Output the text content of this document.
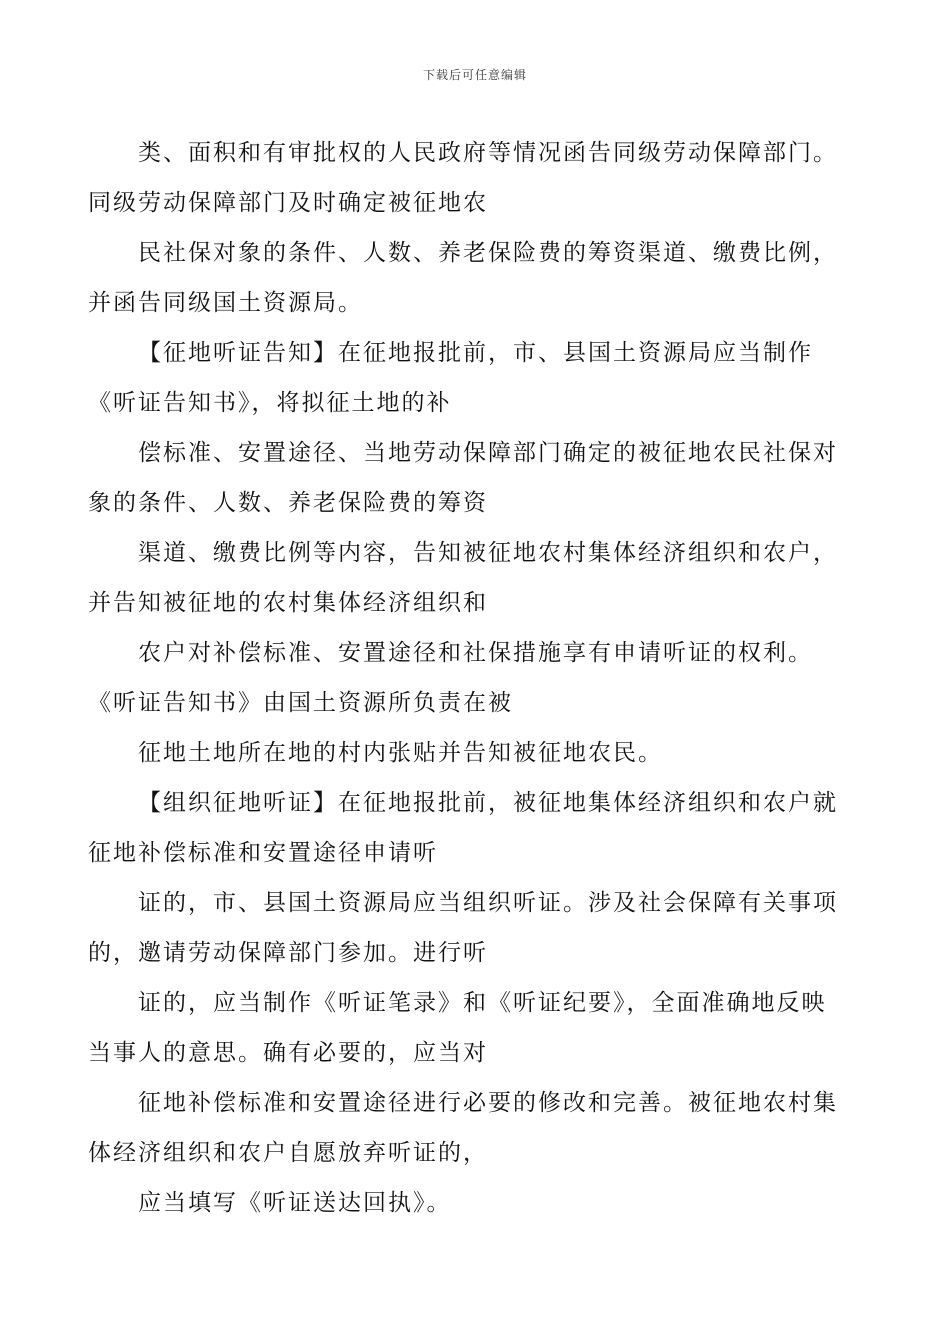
下载后可任意编辑

类、面积和有审批权的人民政府等情况函告同级劳动保障部门。
同级劳动保障部门及时确定被征地农

民社保对象的条件、人数、养老保险费的筹资渠道、缴费比例，
并函告同级国土资源局。

【征地听证告知】在征地报批前，市、县国土资源局应当制作
《听证告知书》，将拟征土地的补

偿标准、安置途径、当地劳动保障部门确定的被征地农民社保对
象的条件、人数、养老保险费的筹资

渠道、缴费比例等内容，告知被征地农村集体经济组织和农户，
并告知被征地的农村集体经济组织和

农户对补偿标准、安置途径和社保措施享有申请听证的权利。
《听证告知书》由国土资源所负责在被

征地土地所在地的村内张贴并告知被征地农民。

【组织征地听证】在征地报批前，被征地集体经济组织和农户就
征地补偿标准和安置途径申请听

证的，市、县国土资源局应当组织听证。涉及社会保障有关事项
的，邀请劳动保障部门参加。进行听

证的，应当制作《听证笔录》和《听证纪要》，全面准确地反映
当事人的意思。确有必要的，应当对

征地补偿标准和安置途径进行必要的修改和完善。被征地农村集
体经济组织和农户自愿放弃听证的，

应当填写《听证送达回执》。
